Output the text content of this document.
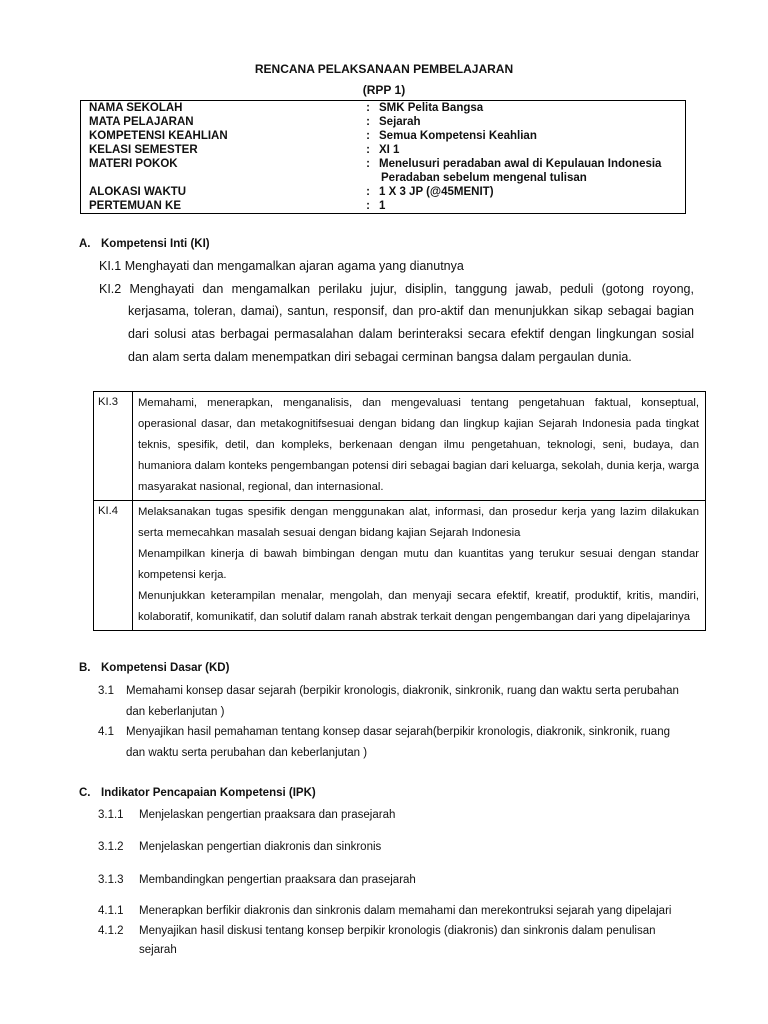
RENCANA PELAKSANAAN PEMBELAJARAN
(RPP 1)
NAMA SEKOLAH	:	SMK Pelita Bangsa
MATA PELAJARAN	:	Sejarah
KOMPETENSI KEAHLIAN	:	Semua Kompetensi Keahlian
KELASI SEMESTER	:	XI 1
MATERI POKOK	:	Menelusuri peradaban awal di Kepulauan Indonesia
Peradaban sebelum mengenal tulisan

ALOKASI WAKTU	:	1 X 3 JP (@45MENIT)
PERTEMUAN KE	:	1
A. Kompetensi Inti (KI)
KI.1 Menghayati dan mengamalkan ajaran agama yang dianutnya
KI.2 Menghayati dan mengamalkan perilaku jujur, disiplin, tanggung jawab, peduli (gotong royong, kerjasama, toleran, damai), santun, responsif, dan pro-aktif dan menunjukkan sikap sebagai bagian dari solusi atas berbagai permasalahan dalam berinteraksi secara efektif dengan lingkungan sosial dan alam serta dalam menempatkan diri sebagai cerminan bangsa dalam pergaulan dunia.
KI.3	Memahami, menerapkan, menganalisis, dan mengevaluasi tentang pengetahuan faktual, konseptual, operasional dasar, dan metakognitifsesuai dengan bidang dan lingkup kajian Sejarah Indonesia pada tingkat teknis, spesifik, detil, dan kompleks, berkenaan dengan ilmu pengetahuan, teknologi, seni, budaya, dan humaniora dalam konteks pengembangan potensi diri sebagai bagian dari keluarga, sekolah, dunia kerja, warga masyarakat nasional, regional, dan internasional.

KI.4	Melaksanakan tugas spesifik dengan menggunakan alat, informasi, dan prosedur kerja yang lazim dilakukan serta memecahkan masalah sesuai dengan bidang kajian Sejarah Indonesia
Menampilkan kinerja di bawah bimbingan dengan mutu dan kuantitas yang terukur sesuai dengan standar kompetensi kerja.
Menunjukkan keterampilan menalar, mengolah, dan menyaji secara efektif, kreatif, produktif, kritis, mandiri, kolaboratif, komunikatif, dan solutif dalam ranah abstrak terkait dengan pengembangan dari yang dipelajarinya
B. Kompetensi Dasar (KD)
3.1 Memahami konsep dasar sejarah (berpikir kronologis, diakronik, sinkronik, ruang dan waktu serta perubahan
dan keberlanjutan )
4.1 Menyajikan hasil pemahaman tentang konsep dasar sejarah(berpikir kronologis, diakronik, sinkronik, ruang
dan waktu serta perubahan dan keberlanjutan )
C. Indikator Pencapaian Kompetensi (IPK)
3.1.1 Menjelaskan pengertian praaksara dan prasejarah
3.1.2 Menjelaskan pengertian diakronis dan sinkronis
3.1.3 Membandingkan pengertian praaksara dan prasejarah
4.1.1 Menerapkan berfikir diakronis dan sinkronis dalam memahami dan merekontruksi sejarah yang dipelajari
4.1.2 Menyajikan hasil diskusi tentang konsep berpikir kronologis (diakronis) dan sinkronis dalam penulisan
sejarah
